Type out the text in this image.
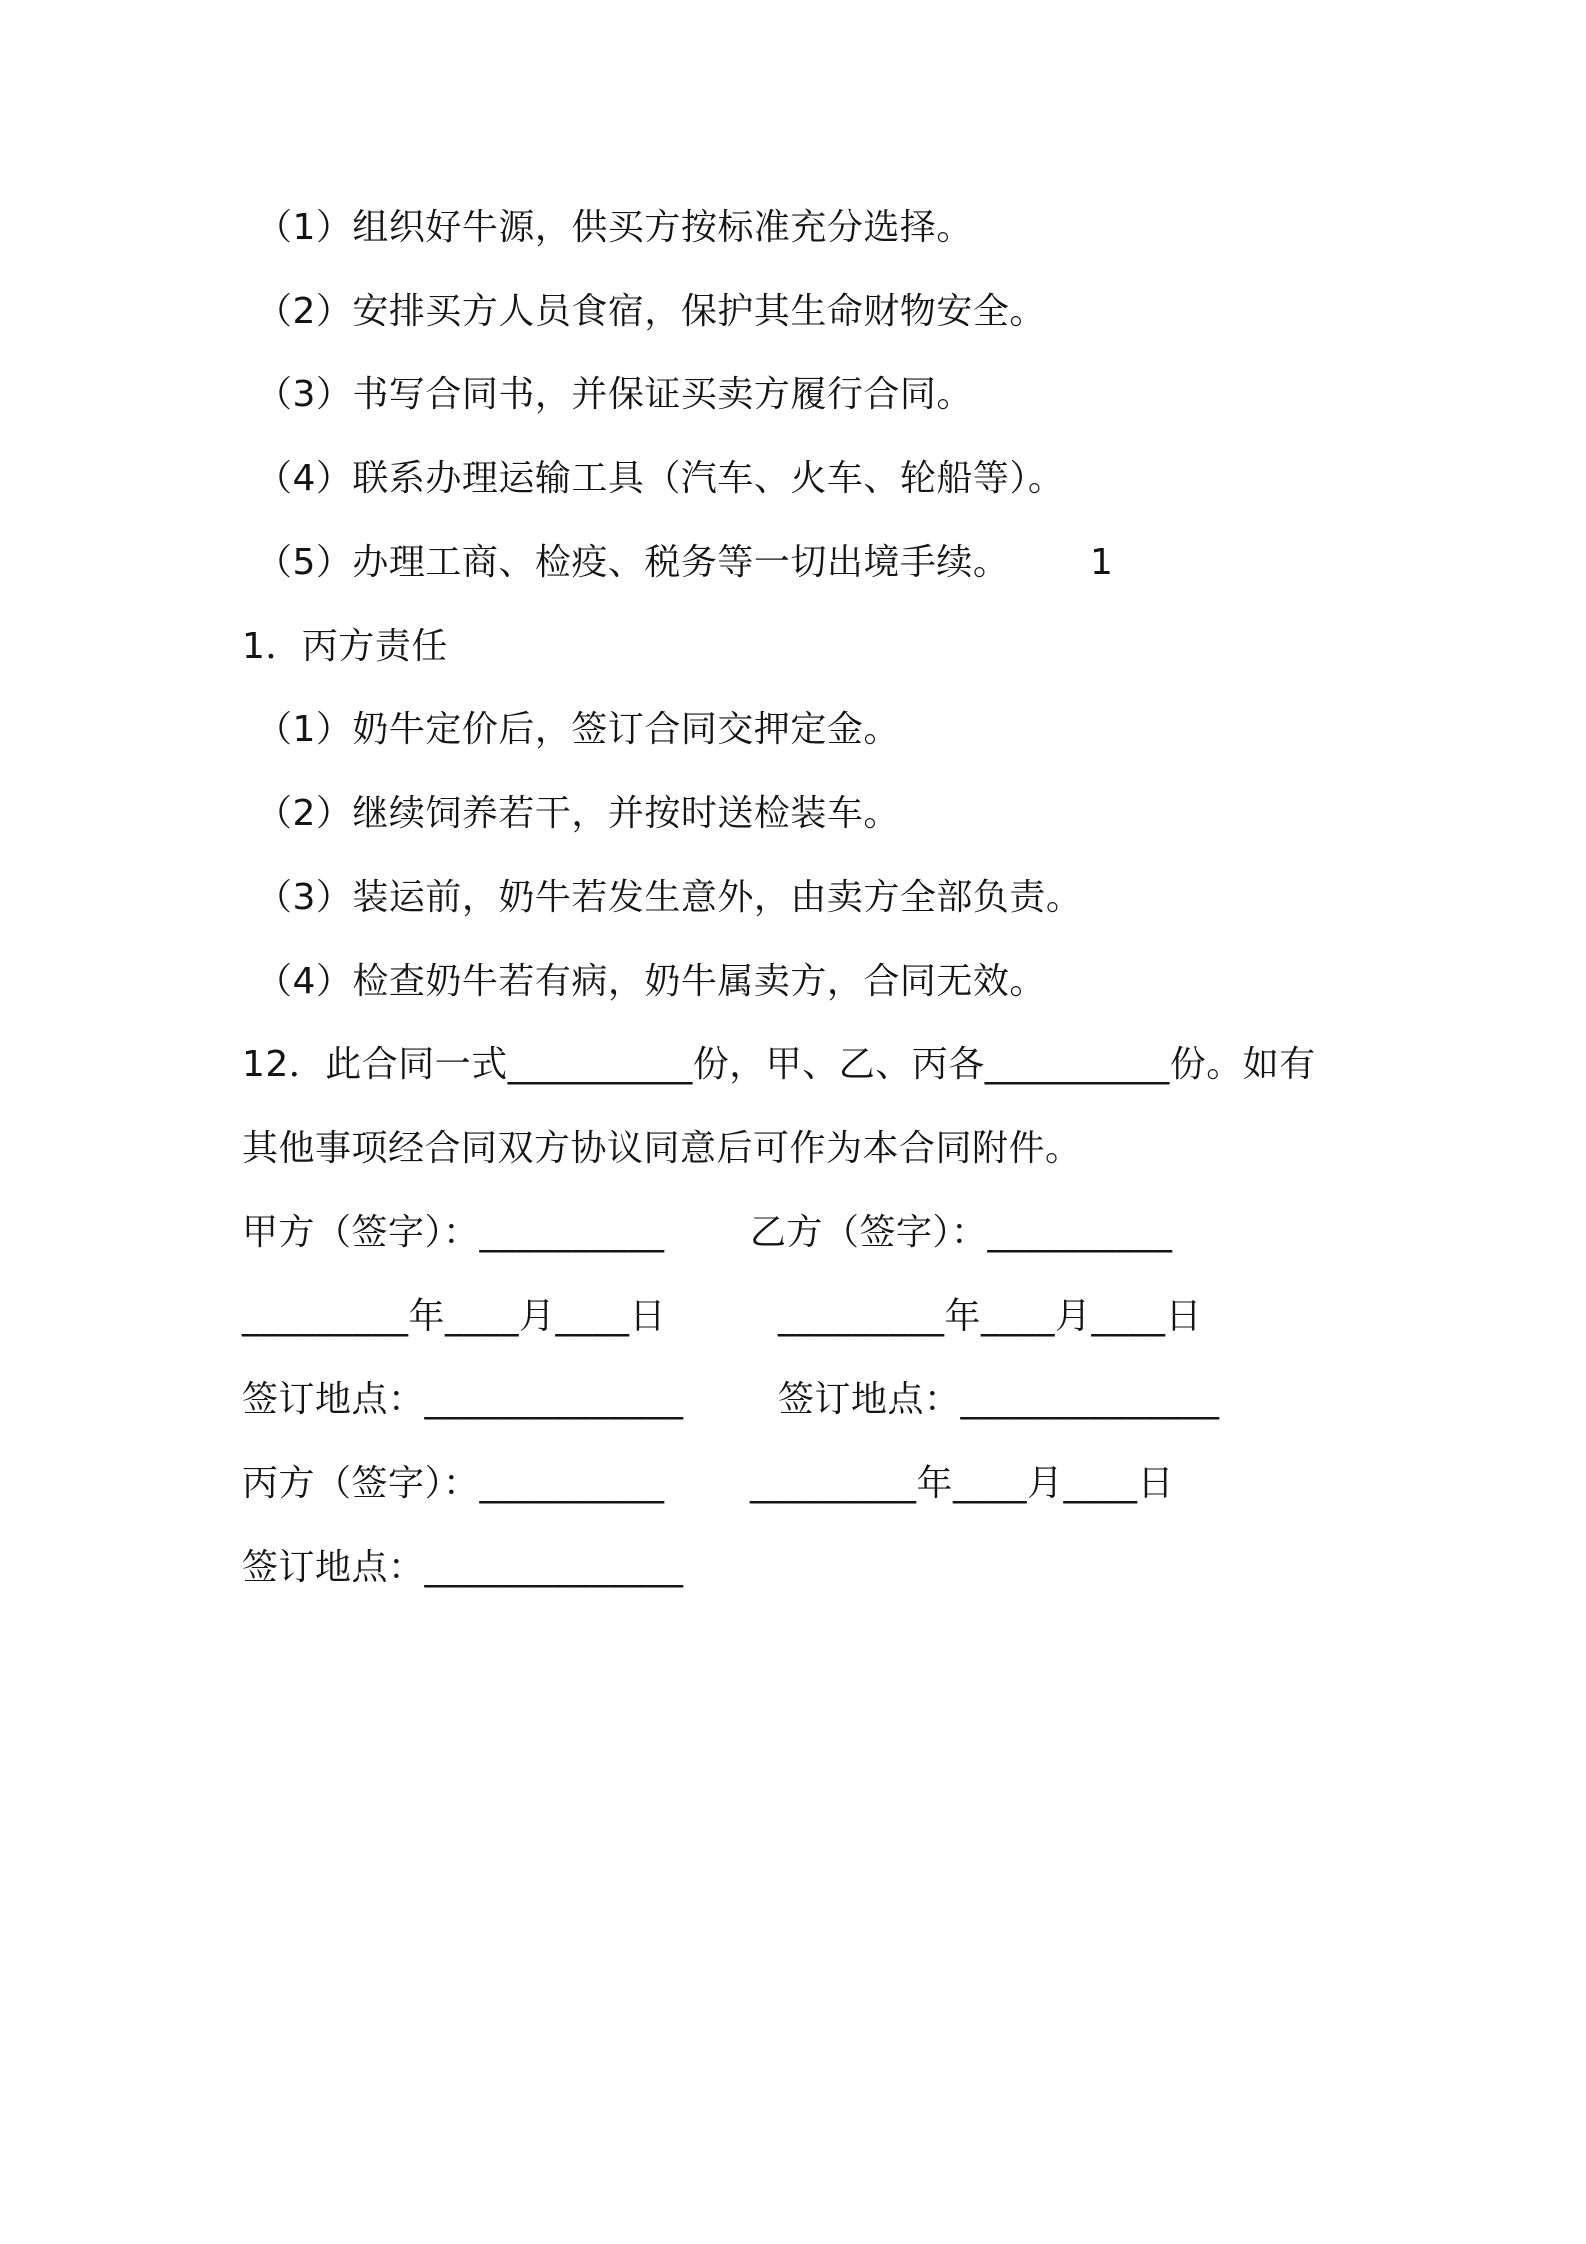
（1）组织好牛源，供买方按标准充分选择。
（2）安排买方人员食宿，保护其生命财物安全。
（3）书写合同书，并保证买卖方履行合同。
（4）联系办理运输工具（汽车、火车、轮船等）。
（5）办理工商、检疫、税务等一切出境手续。 1
1．丙方责任
（1）奶牛定价后，签订合同交押定金。
（2）继续饲养若干，并按时送检装车。
（3）装运前，奶牛若发生意外，由卖方全部负责。
（4）检查奶牛若有病，奶牛属卖方，合同无效。
12．此合同一式__________份，甲、乙、丙各__________份。如有
其他事项经合同双方协议同意后可作为本合同附件。
甲方（签字）：__________ 乙方（签字）：__________
_________年____月____日	_________年____月____日
签订地点：______________	签订地点：______________
丙方（签字）：__________ _________年____月____日
签订地点：______________
